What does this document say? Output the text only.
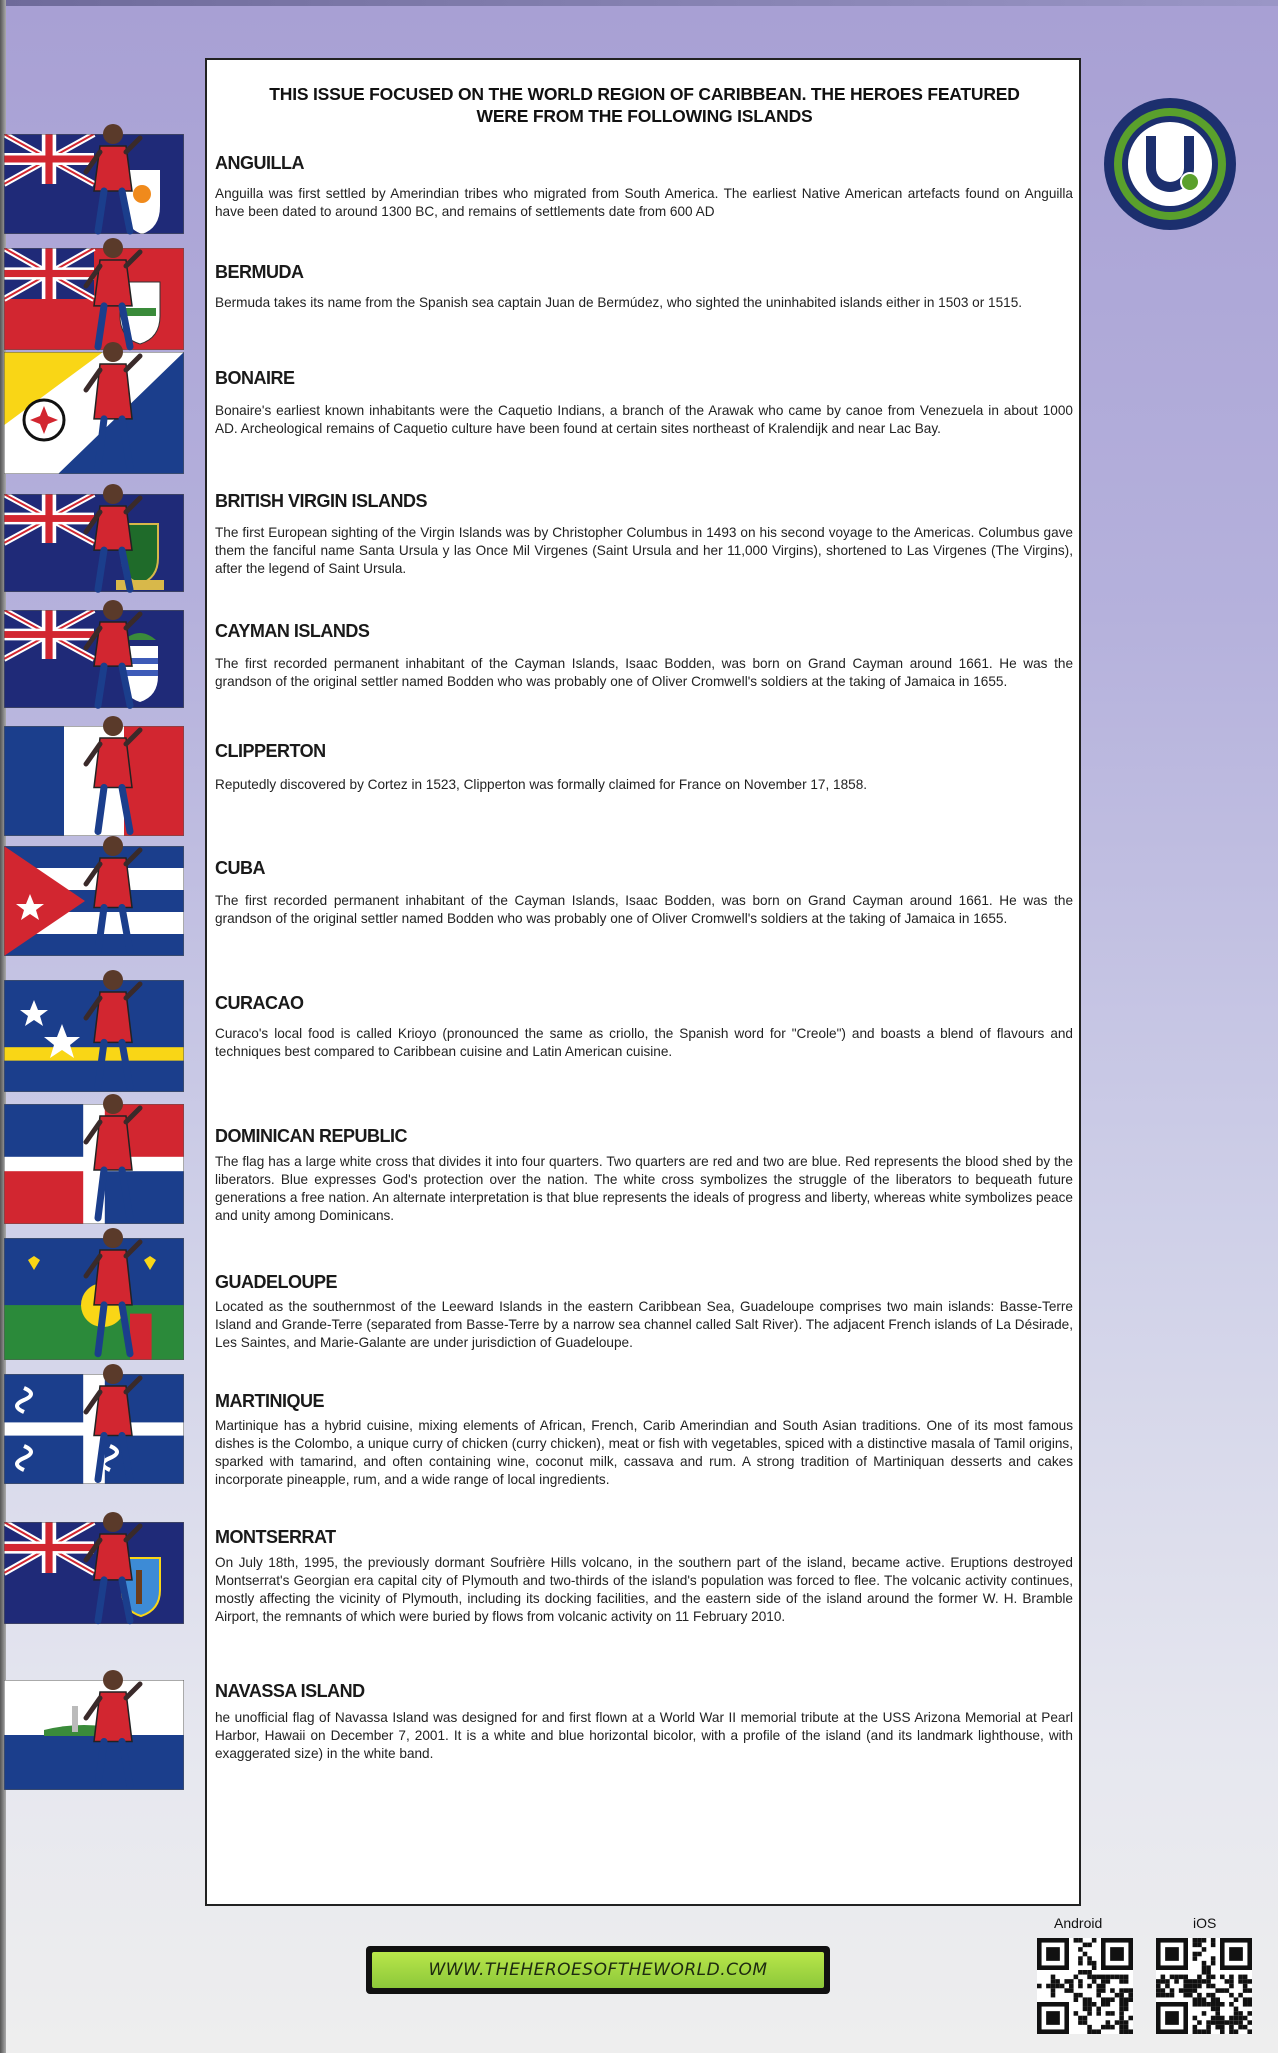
THIS ISSUE FOCUSED ON THE WORLD REGION OF CARIBBEAN. THE HEROES FEATURED
WERE FROM THE FOLLOWING ISLANDS
ANGUILLA

Anguilla was first settled by Amerindian tribes who migrated from South America. The earliest Native American artefacts found on Anguilla have been dated to around 1300 BC, and remains of settlements date from 600 AD

BERMUDA

Bermuda takes its name from the Spanish sea captain Juan de Bermúdez, who sighted the uninhabited islands either in 1503 or 1515.

BONAIRE

Bonaire's earliest known inhabitants were the Caquetio Indians, a branch of the Arawak who came by canoe from Venezuela in about 1000 AD. Archeological remains of Caquetio culture have been found at certain sites northeast of Kralendijk and near Lac Bay.

BRITISH VIRGIN ISLANDS

The first European sighting of the Virgin Islands was by Christopher Columbus in 1493 on his second voyage to the Americas. Columbus gave them the fanciful name Santa Ursula y las Once Mil Virgenes (Saint Ursula and her 11,000 Virgins), shortened to Las Virgenes (The Virgins), after the legend of Saint Ursula.

CAYMAN ISLANDS

The first recorded permanent inhabitant of the Cayman Islands, Isaac Bodden, was born on Grand Cayman around 1661. He was the grandson of the original settler named Bodden who was probably one of Oliver Cromwell's soldiers at the taking of Jamaica in 1655.

CLIPPERTON

Reputedly discovered by Cortez in 1523, Clipperton was formally claimed for France on November 17, 1858.

CUBA

The first recorded permanent inhabitant of the Cayman Islands, Isaac Bodden, was born on Grand Cayman around 1661. He was the grandson of the original settler named Bodden who was probably one of Oliver Cromwell's soldiers at the taking of Jamaica in 1655.

CURACAO

Curaco's local food is called Krioyo (pronounced the same as criollo, the Spanish word for "Creole") and boasts a blend of flavours and techniques best compared to Caribbean cuisine and Latin American cuisine.

DOMINICAN REPUBLIC

The flag has a large white cross that divides it into four quarters. Two quarters are red and two are blue. Red represents the blood shed by the liberators. Blue expresses God's protection over the nation. The white cross symbolizes the struggle of the liberators to bequeath future generations a free nation. An alternate interpretation is that blue represents the ideals of progress and liberty, whereas white symbolizes peace and unity among Dominicans.

GUADELOUPE

Located as the southernmost of the Leeward Islands in the eastern Caribbean Sea, Guadeloupe comprises two main islands: Basse-Terre Island and Grande-Terre (separated from Basse-Terre by a narrow sea channel called Salt River). The adjacent French islands of La Désirade, Les Saintes, and Marie-Galante are under jurisdiction of Guadeloupe.

MARTINIQUE

Martinique has a hybrid cuisine, mixing elements of African, French, Carib Amerindian and South Asian traditions. One of its most famous dishes is the Colombo, a unique curry of chicken (curry chicken), meat or fish with vegetables, spiced with a distinctive masala of Tamil origins, sparked with tamarind, and often containing wine, coconut milk, cassava and rum. A strong tradition of Martiniquan desserts and cakes incorporate pineapple, rum, and a wide range of local ingredients.

MONTSERRAT

On July 18th, 1995, the previously dormant Soufrière Hills volcano, in the southern part of the island, became active. Eruptions destroyed Montserrat's Georgian era capital city of Plymouth and two-thirds of the island's population was forced to flee. The volcanic activity continues, mostly affecting the vicinity of Plymouth, including its docking facilities, and the eastern side of the island around the former W. H. Bramble Airport, the remnants of which were buried by flows from volcanic activity on 11 February 2010.

NAVASSA ISLAND

he unofficial flag of Navassa Island was designed for and first flown at a World War II memorial tribute at the USS Arizona Memorial at Pearl Harbor, Hawaii on December 7, 2001. It is a white and blue horizontal bicolor, with a profile of the island (and its landmark lighthouse, with exaggerated size) in the white band.

WWW.THEHEROESOFTHEWORLD.COM
Android	iOS
